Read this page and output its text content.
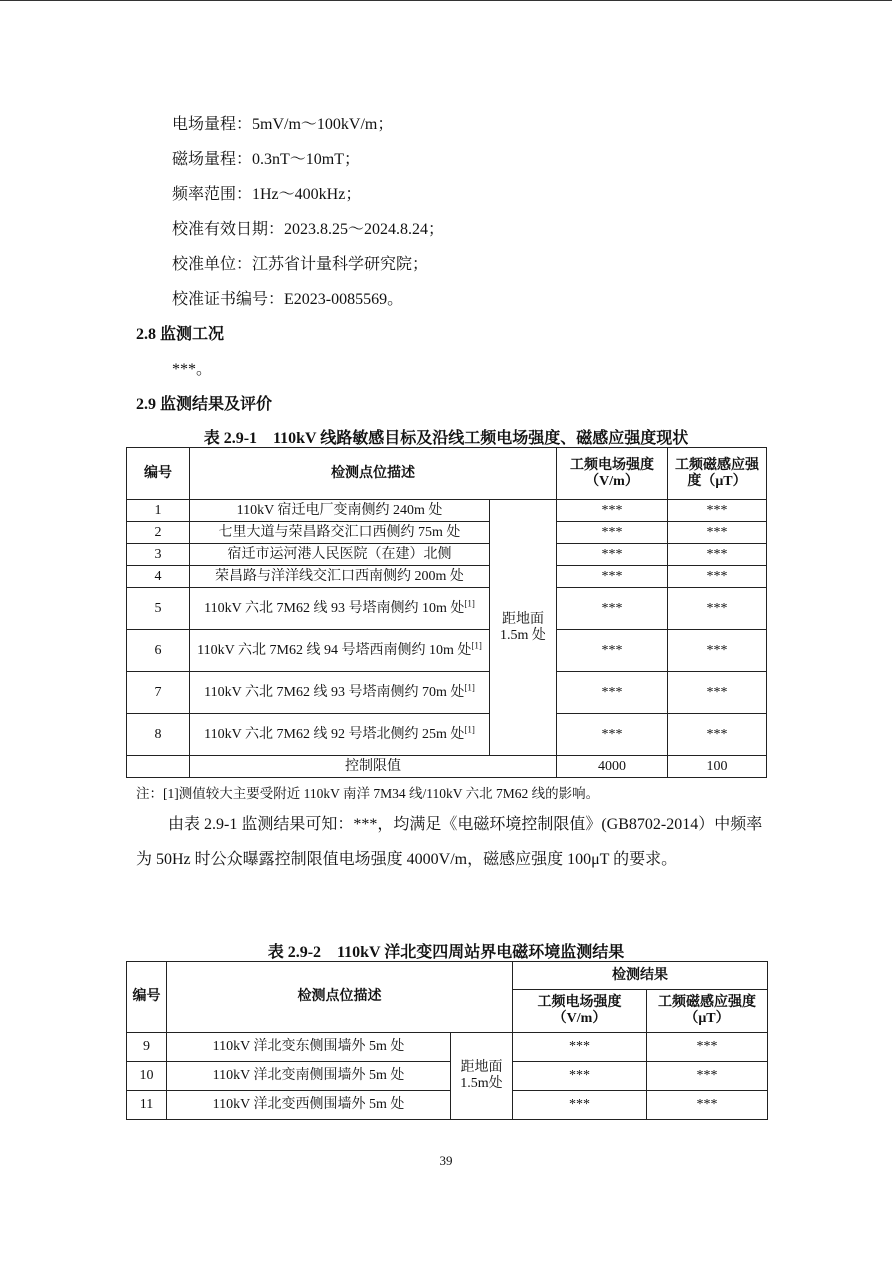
电场量程：5mV/m～100kV/m；
磁场量程：0.3nT～10mT；
频率范围：1Hz～400kHz；
校准有效日期：2023.8.25～2024.8.24；
校准单位：江苏省计量科学研究院；
校准证书编号：E2023-0085569。
2.8 监测工况
***。
2.9 监测结果及评价
表 2.9-1　110kV 线路敏感目标及沿线工频电场强度、磁感应强度现状
编号	检测点位描述		工频电场强度（V/m）	工频磁感应强度（μT）
1	110kV 宿迁电厂变南侧约 240m 处	距地面1.5m 处	***	***
2	七里大道与荣昌路交汇口西侧约 75m 处		***	***
3	宿迁市运河港人民医院（在建）北侧		***	***
4	荣昌路与洋洋线交汇口西南侧约 200m 处		***	***
5	110kV 六北 7M62 线 93 号塔南侧约 10m 处[1]		***	***
6	110kV 六北 7M62 线 94 号塔西南侧约 10m 处[1]		***	***
7	110kV 六北 7M62 线 93 号塔南侧约 70m 处[1]		***	***
8	110kV 六北 7M62 线 92 号塔北侧约 25m 处[1]		***	***
	控制限值		4000	100
注：[1]测值较大主要受附近 110kV 南洋 7M34 线/110kV 六北 7M62 线的影响。

由表 2.9-1 监测结果可知：***，均满足《电磁环境控制限值》(GB8702-2014）中频率为 50Hz 时公众曝露控制限值电场强度 4000V/m，磁感应强度 100μT 的要求。

表 2.9-2　110kV 洋北变四周站界电磁环境监测结果
编号	检测点位描述		检测结果	
			工频电场强度（V/m）	工频磁感应强度（μT）
9	110kV 洋北变东侧围墙外 5m 处	距地面1.5m处	***	***
10	110kV 洋北变南侧围墙外 5m 处		***	***
11	110kV 洋北变西侧围墙外 5m 处		***	***
39
